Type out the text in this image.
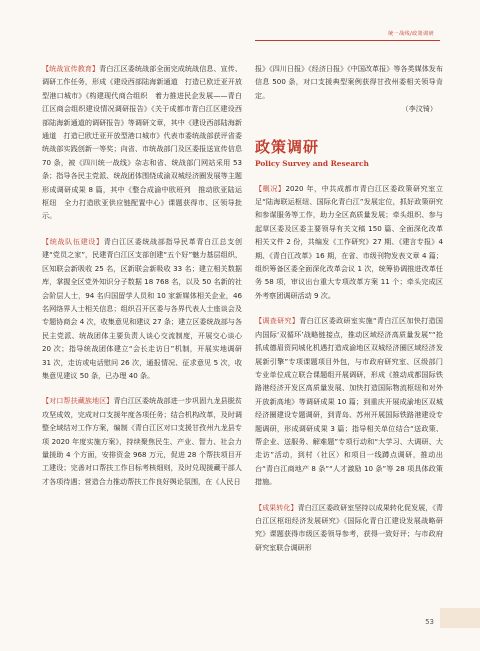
统一战线/政策调研

【统战宣传教育】青白江区委统战部全面完成统战信息、宣传、调研工作任务，形成《建设西部陆海新通道　打造已欧迁亚开放型港口城市》《构建现代商合组织　着力推进民企发展——青白江区商会组织建设情况调研报告》《关于成都市青白江区建设西部陆海新通道的调研报告》等调研文章，其中《建设西部陆海新通道　打造已欧迁亚开放型港口城市》代表市委统战部获评省委统战部实践创新一等奖；向省、市统战部门及区委报送宣传信息 70 条，被《四川统一战线》杂志和省、统战部门网站采用 53 条；指导各民主党派、统战团体围绕成渝双城经济圈发展等主题形成调研成果 8 篇，其中《整合成渝中欧班列　推动欧亚陆运枢纽　全力打造欧亚供应链配置中心》课题获得市、区领导批示。

【统战队伍建设】青白江区委统战部指导民革青白江总支创建“党员之家”，民建青白江区支部创建“五个好”魅力基层组织，区知联会新吸收 25 名，区新联会新吸收 33 名；建立相关数据库，掌握全区党外知识分子数据 18 768 名，以及 50 名新的社会阶层人士，94 名归国留学人员和 10 家新媒体相关企业，46 名网络界人士相关信息；组织召开区委与各界代表人士座谈会及专题协商会 4 次，收集意见和建议 27 条；建立区委统战部与各民主党派、统战团体主要负责人谈心交流制度，开展交心谈心 20 次；指导统战团体建立“会长走访日”机制，开展实地调研 31 次，走访或电话慰问 26 次，通报情况、征求意见 5 次，收集意见建议 50 条，已办理 40 条。

【对口帮扶藏族地区】青白江区委统战部进一步巩固九龙县脱贫攻坚成效，完成对口支援年度各项任务；结合机构改革，及时调整全域结对工作方案，编制《青白江区对口支援甘孜州九龙县专项 2020 年度实施方案》，持续聚焦民生、产业、智力、社会力量援助 4 个方面，安排资金 968 万元，促进 28 个帮扶项目开工建设；完善对口帮扶工作目标考核细则，及时兑现援藏干部人才各项待遇；营造合力推动帮扶工作良好舆论氛围，在《人民日

报》《四川日报》《经济日报》《中国改革报》等各类媒体发布信息 500 条，对口支援典型案例获得甘孜州委相关领导肯定。

（李汶锜）

政策调研
Policy Survey and Research

【概况】2020 年，中共成都市青白江区委政策研究室立足“陆海联运枢纽、国际化青白江”发展定位，抓好政策研究和参谋服务等工作，助力全区高质量发展；牵头组织、参与起草区委及区委主要领导有关文稿 150 篇、全面深化改革相关文件 2 份，共编发《工作研究》27 期、《建言专报》4 期、《青白江改革》16 期，在省、市级刊物发表文章 4 篇；组织筹备区委全面深化改革会议 1 次，统筹协调推进改革任务 58 项，审议出台重大专项改革方案 11 个；牵头完成区外考察团调研活动 9 次。

【调查研究】青白江区委政研室实施“青白江区加快打造国内国际‘双循环’战略链接点，推动区域经济高质量发展”“抢抓成德眉资同城化机遇打造成渝地区双城经济圈区域经济发展新引擎”专项课题项目外包，与市政府研究室、区级部门专业单位成立联合课题组开展调研，形成《推动成都国际铁路港经济开发区高质量发展、加快打造国际物流枢纽和对外开放新高地》等调研成果 10 篇；到重庆开展成渝地区双城经济圈建设专题调研，到青岛、苏州开展国际铁路港建设专题调研，形成调研成果 3 篇；指导相关单位结合“送政策、帮企业、送服务、解难题”专项行动和“大学习、大调研、大走访”活动，到村（社区）和项目一线蹲点调研，推动出台“青白江商地产 8 条”“人才激励 10 条”等 28 项具体政策措施。

【成果转化】青白江区委政研室坚持以成果转化促发展，《青白江区枢纽经济发展研究》《国际化青白江建设发展战略研究》课题获得市级区委领导参考，获得一致好评；与市政府研究室联合调研形

53
